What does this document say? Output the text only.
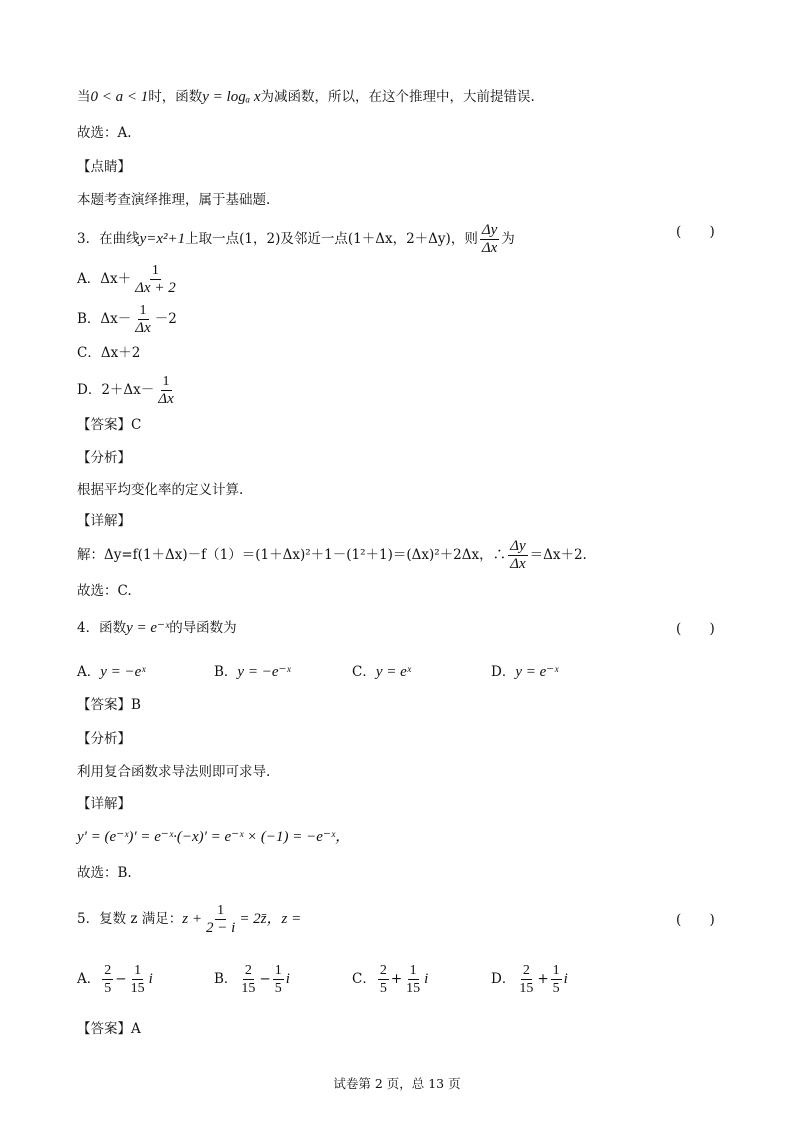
当0 < a < 1时，函数y = logₐ x为减函数，所以，在这个推理中，大前提错误.
故选：A.
【点睛】
本题考查演绎推理，属于基础题.
3．在曲线y=x²+1上取一点(1，2)及邻近一点(1＋Δx，2＋Δy)，则 $\frac{\Delta y}{\Delta x}$ 为	( )
A．$\Delta x+ \frac{1}{\Delta x + 2}$
B．$\Delta x- \frac{1}{\Delta x} -2$
C．Δx＋2
D．$2+\Delta x- \frac{1}{\Delta x}$
【答案】C
【分析】
根据平均变化率的定义计算.
【详解】
解：Δy=f(1＋Δx)－f（1）＝(1＋Δx)²＋1－(1²＋1)＝(Δx)²＋2Δx，∴ $\frac{\Delta y}{\Delta x} =\Delta x+2$.
故选：C.
4．函数y = e⁻ˣ的导函数为	( )
A．y = −eˣ	B．y = −e⁻ˣ	C．y = eˣ	D．y = e⁻ˣ
【答案】B
【分析】
利用复合函数求导法则即可求导.
【详解】
y′ = (e⁻ˣ)′ = e⁻ˣ·(−x)′ = e⁻ˣ × (−1) = −e⁻ˣ，
故选：B.
5．复数 z 满足：$z + \frac{1}{2 - i}$ = 2z̄，z =	( )
A． $\frac{2}{5} - \frac{1}{15}$ i	B． $\frac{2}{15} - \frac{1}{5}$ i	C． $\frac{2}{5} + \frac{1}{15}$ i	D． $\frac{2}{15} + \frac{1}{5}$ i
【答案】A
试卷第 2 页，总 13 页
